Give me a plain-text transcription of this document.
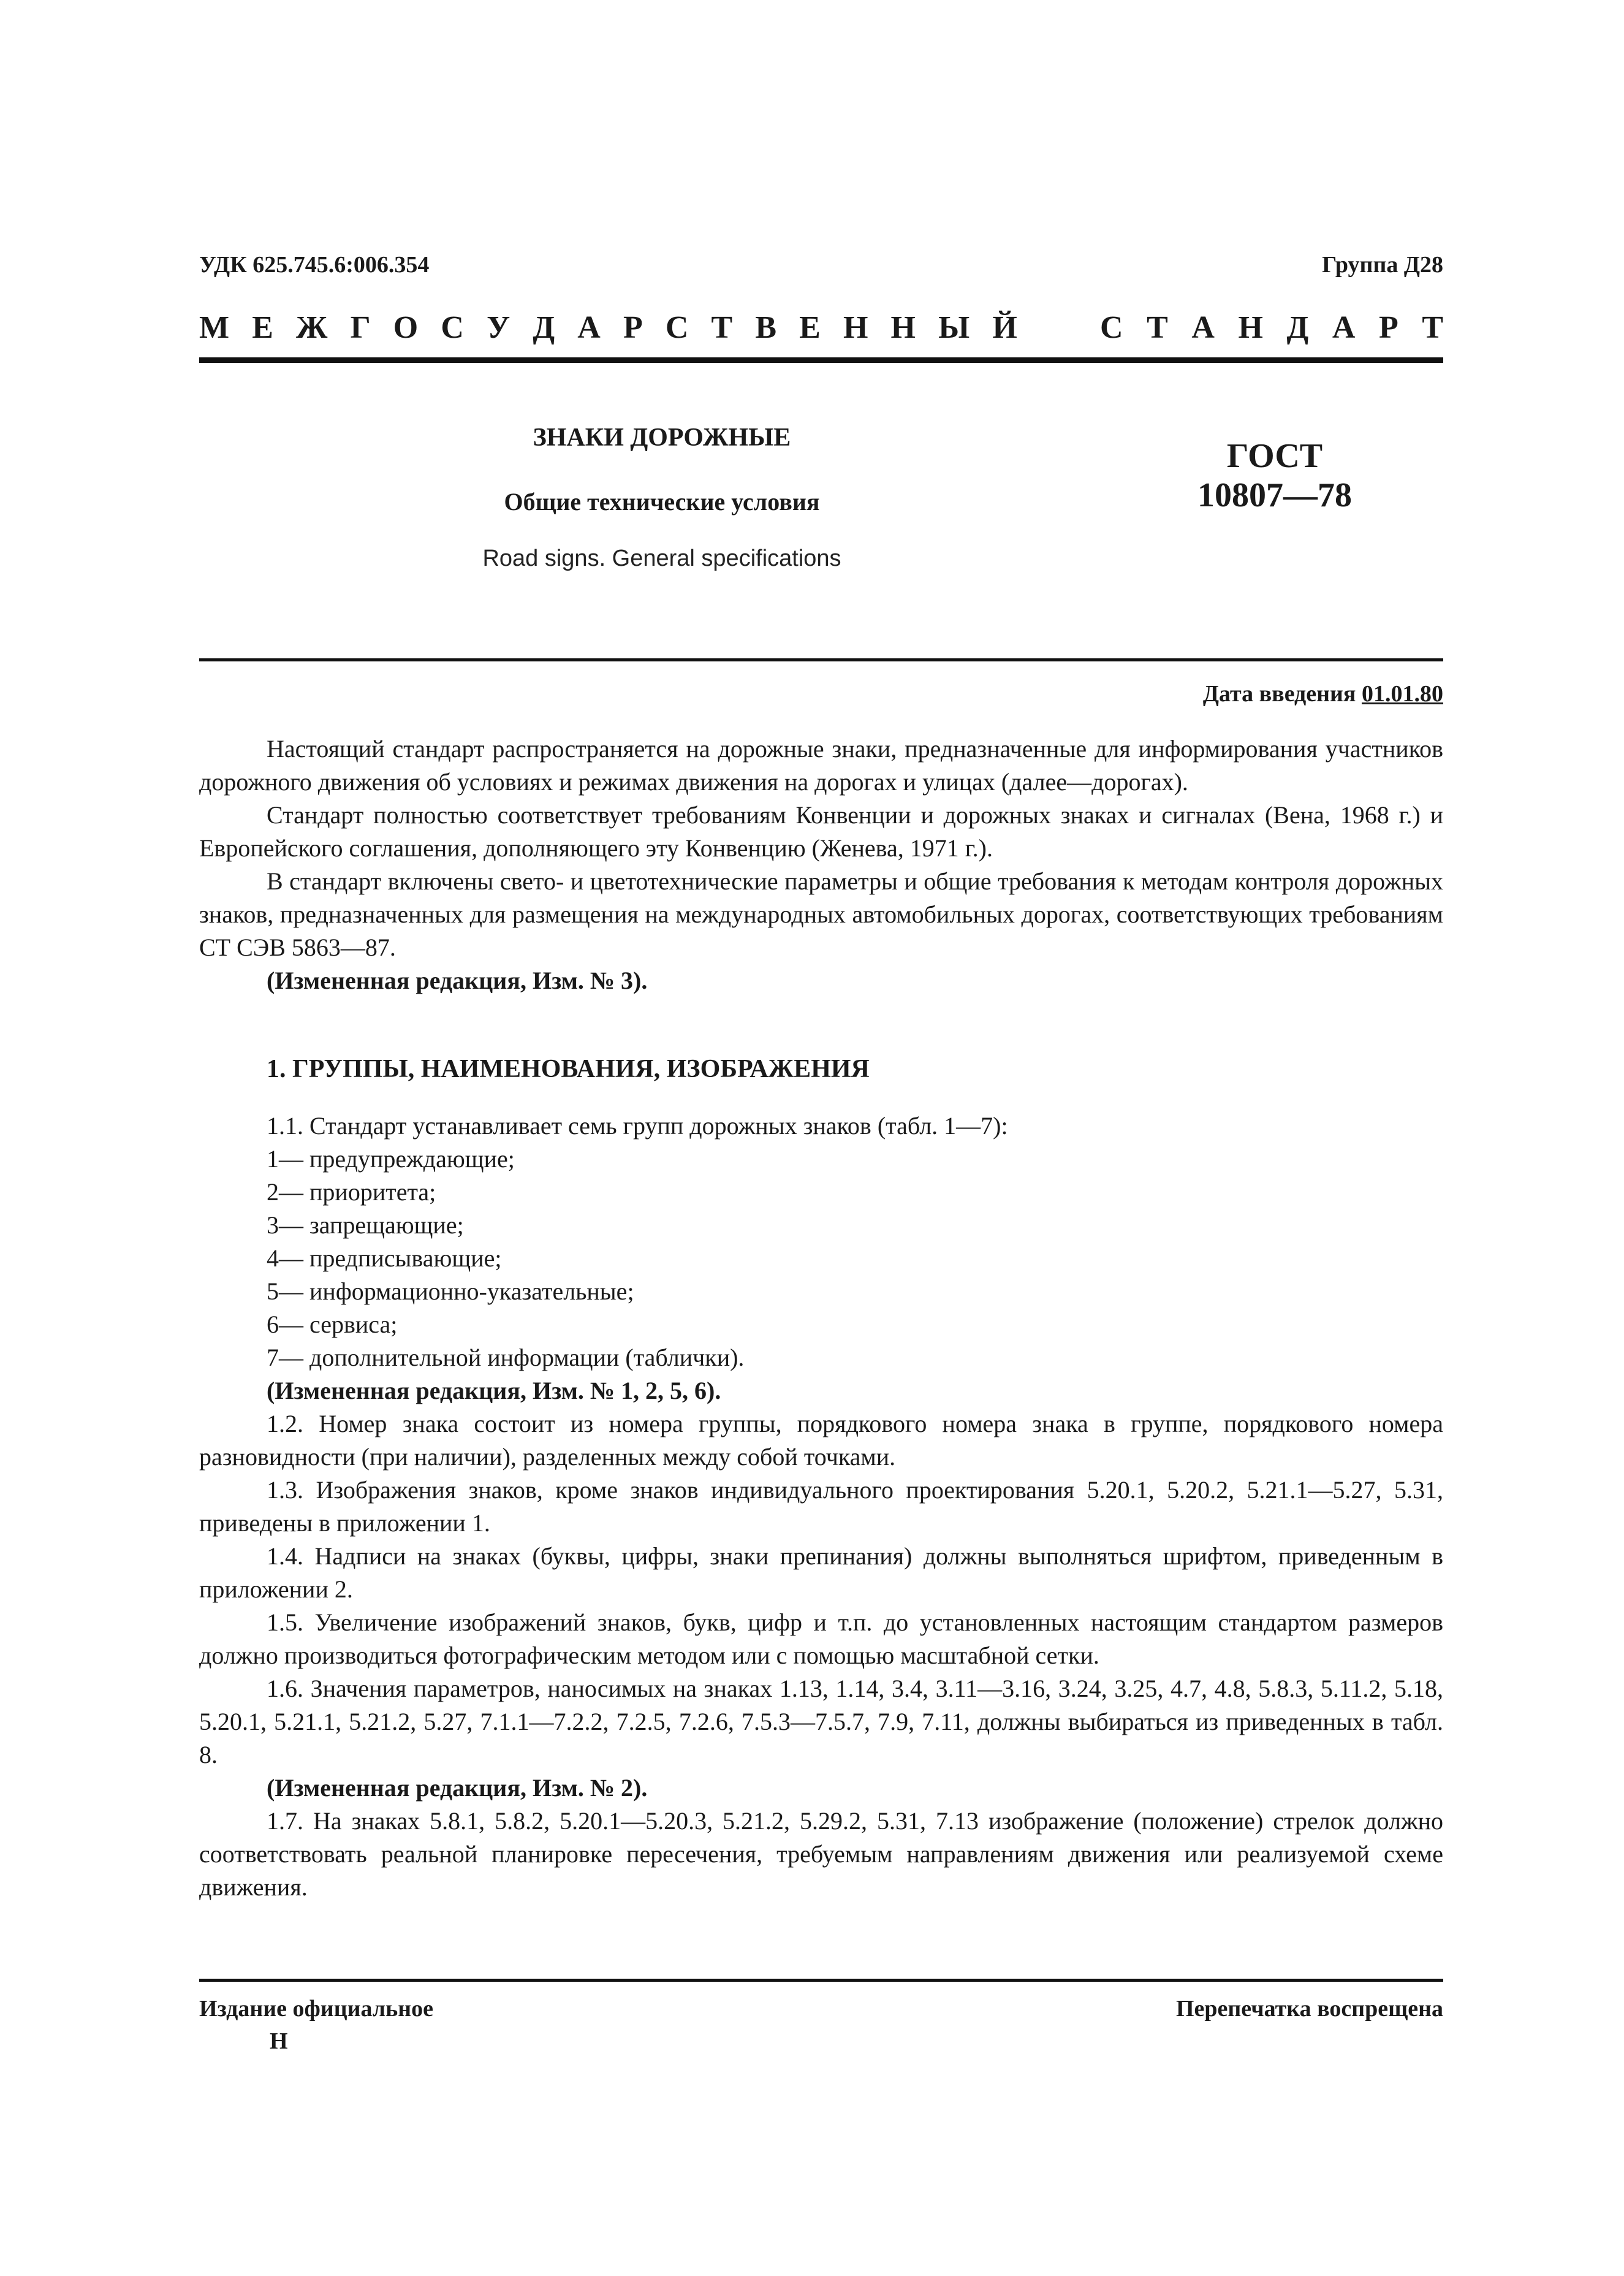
УДК 625.745.6:006.354	Группа Д28
М Е Ж Г О С У Д А Р С Т В Е Н Н Ы Й	С Т А Н Д А Р Т
ЗНАКИ ДОРОЖНЫЕ
Общие технические условия
Road signs. General specifications
ГОСТ
10807—78
Дата введения 01.01.80

Настоящий стандарт распространяется на дорожные знаки, предназначенные для информирования участников дорожного движения об условиях и режимах движения на дорогах и улицах (далее—дорогах).

Стандарт полностью соответствует требованиям Конвенции и дорожных знаках и сигналах (Вена, 1968 г.) и Европейского соглашения, дополняющего эту Конвенцию (Женева, 1971 г.).

В стандарт включены свето- и цветотехнические параметры и общие требования к методам контроля дорожных знаков, предназначенных для размещения на международных автомобильных дорогах, соответствующих требованиям СТ СЭВ 5863—87.

(Измененная редакция, Изм. № 3).

1. ГРУППЫ, НАИМЕНОВАНИЯ, ИЗОБРАЖЕНИЯ

1.1. Стандарт устанавливает семь групп дорожных знаков (табл. 1—7):

1— предупреждающие;

2— приоритета;

3— запрещающие;

4— предписывающие;

5— информационно-указательные;

6— сервиса;

7— дополнительной информации (таблички).

(Измененная редакция, Изм. № 1, 2, 5, 6).

1.2. Номер знака состоит из номера группы, порядкового номера знака в группе, порядкового номера разновидности (при наличии), разделенных между собой точками.

1.3. Изображения знаков, кроме знаков индивидуального проектирования 5.20.1, 5.20.2, 5.21.1—5.27, 5.31, приведены в приложении 1.

1.4. Надписи на знаках (буквы, цифры, знаки препинания) должны выполняться шрифтом, приведенным в приложении 2.

1.5. Увеличение изображений знаков, букв, цифр и т.п. до установленных настоящим стандартом размеров должно производиться фотографическим методом или с помощью масштабной сетки.

1.6. Значения параметров, наносимых на знаках 1.13, 1.14, 3.4, 3.11—3.16, 3.24, 3.25, 4.7, 4.8, 5.8.3, 5.11.2, 5.18, 5.20.1, 5.21.1, 5.21.2, 5.27, 7.1.1—7.2.2, 7.2.5, 7.2.6, 7.5.3—7.5.7, 7.9, 7.11, должны выбираться из приведенных в табл. 8.

(Измененная редакция, Изм. № 2).

1.7. На знаках 5.8.1, 5.8.2, 5.20.1—5.20.3, 5.21.2, 5.29.2, 5.31, 7.13 изображение (положение) стрелок должно соответствовать реальной планировке пересечения, требуемым направлениям движения или реализуемой схеме движения.

Издание официальное
Н
Перепечатка воспрещена
